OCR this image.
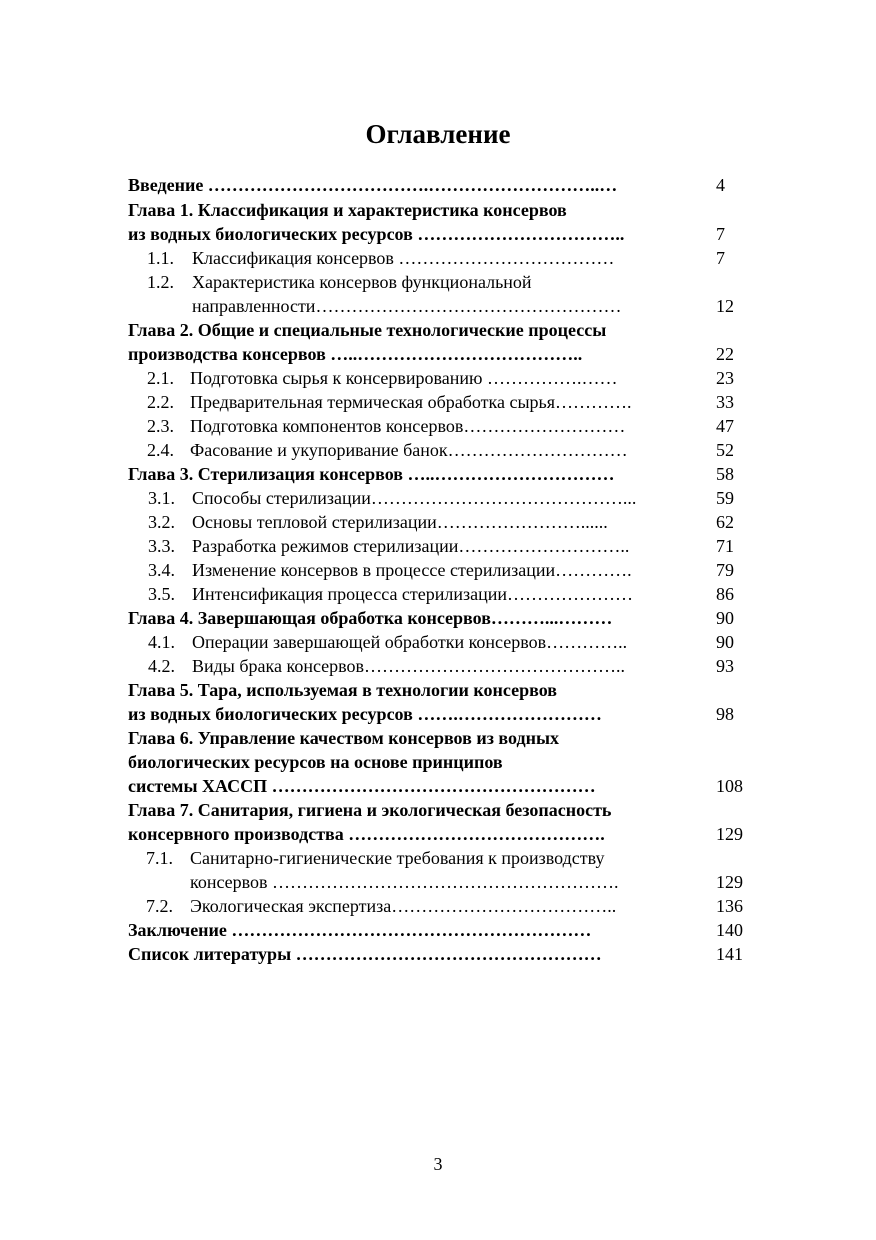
Оглавление
Введение ……………………………….………………………..…	4
Глава 1. Классификация и характеристика консервов
из водных биологических ресурсов ……………………………..	7
1.1. Классификация консервов ………………………………	7
1.2. Характеристика консервов функциональной
направленности……………………………………………	12
Глава 2. Общие и специальные технологические процессы
производства консервов …..………………………………..	22
2.1. Подготовка сырья к консервированию …………….……	23
2.2. Предварительная термическая обработка сырья………….	33
2.3. Подготовка компонентов консервов………………………	47
2.4. Фасование и укупоривание банок…………………………	52
Глава 3. Стерилизация консервов …..…………………………	58
3.1. Способы стерилизации……………………………………...	59
3.2. Основы тепловой стерилизации……………………......	62
3.3. Разработка режимов стерилизации………………………..	71
3.4. Изменение консервов в процессе стерилизации………….	79
3.5. Интенсификация процесса стерилизации…………………	86
Глава 4. Завершающая обработка консервов………...………	90
4.1. Операции завершающей обработки консервов…………..	90
4.2. Виды брака консервов……………………………………..	93
Глава 5. Тара, используемая в технологии консервов
из водных биологических ресурсов …….……………………	98
Глава 6. Управление качеством консервов из водных
биологических ресурсов на основе принципов
системы ХАССП ………………………………………………	108
Глава 7. Санитария, гигиена и экологическая безопасность
консервного производства …………………………………….	129
7.1. Санитарно-гигиенические требования к производству
консервов ………………………………………………….	129
7.2. Экологическая экспертиза………………………………..	136
Заключение ……………………………………………………	140
Список литературы ……………………………………………	141
3
